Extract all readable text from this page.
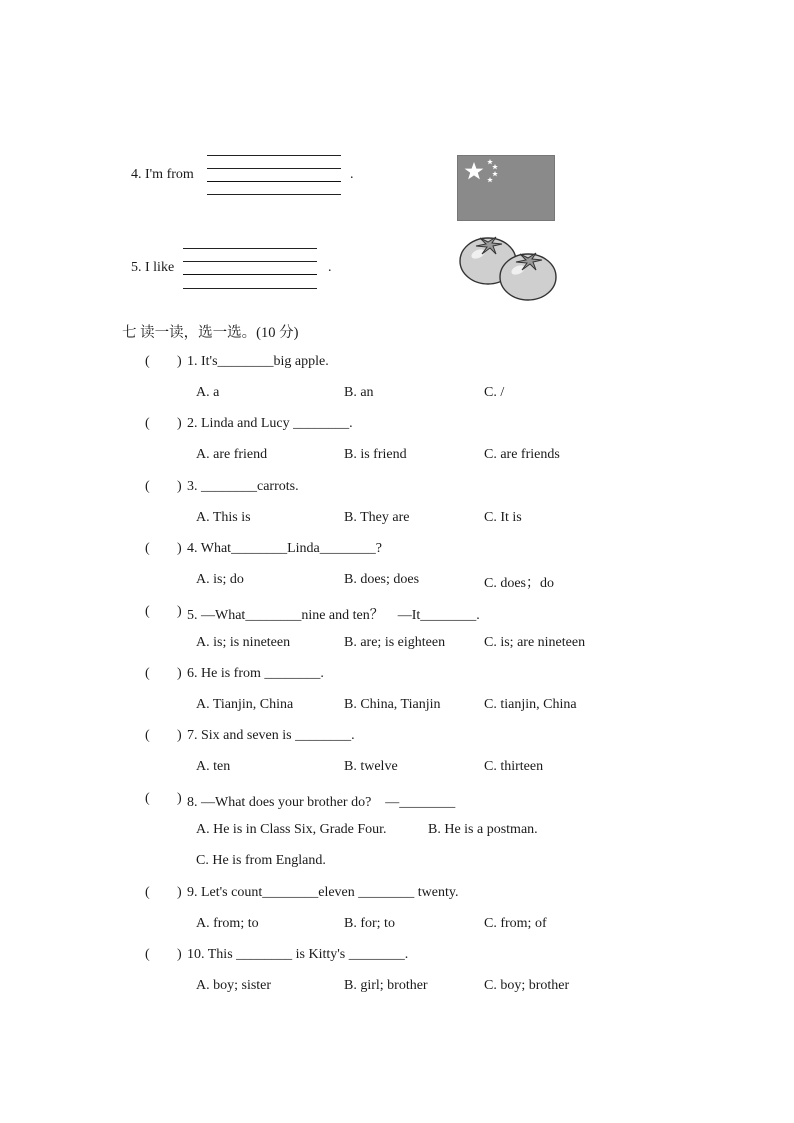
4. I'm from	.
5. I like	.
七 读一读，选一选。(10 分)
( ) 1. It's________big apple.
A. a	B. an	C. /
( ) 2. Linda and Lucy ________.
A. are friend	B. is friend	C. are friends
( ) 3. ________carrots.
A. This is	B. They are	C. It is
( ) 4. What________Linda________?
A. is; do	B. does; does	C. does；do
( ) 5. —What________nine and ten？　—It________.
A. is; is nineteen	B. are; is eighteen	C. is; are nineteen
( ) 6. He is from ________.
A. Tianjin, China	B. China, Tianjin	C. tianjin, China
( ) 7. Six and seven is ________.
A. ten	B. twelve	C. thirteen
( ) 8. —What does your brother do?　—________
A. He is in Class Six, Grade Four.	B. He is a postman.
C. He is from England.
( ) 9. Let's count________eleven ________ twenty.
A. from; to	B. for; to	C. from; of
( ) 10. This ________ is Kitty's ________.
A. boy; sister	B. girl; brother	C. boy; brother
